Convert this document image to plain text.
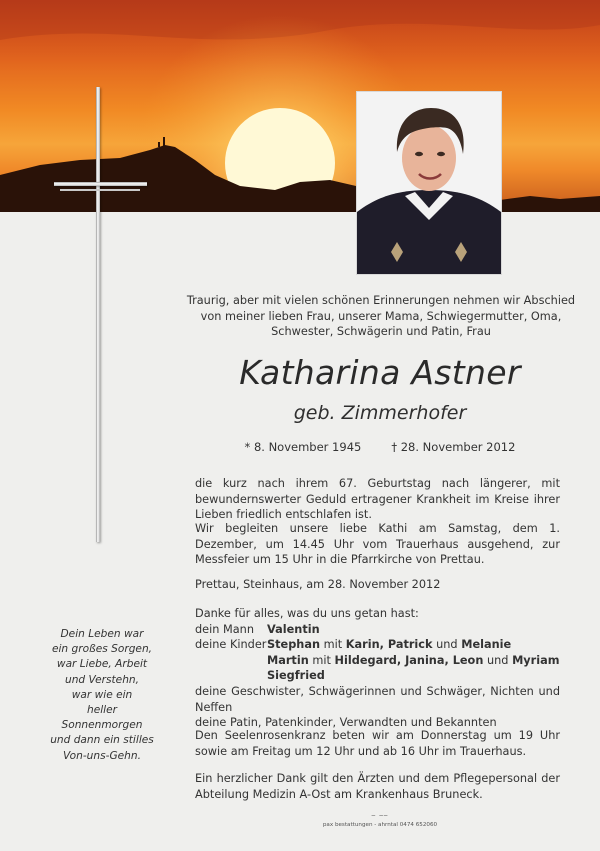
Traurig, aber mit vielen schönen Erinnerungen nehmen wir Abschied von meiner lieben Frau, unserer Mama, Schwiegermutter, Oma, Schwester, Schwägerin und Patin, Frau
Katharina Astner
geb. Zimmerhofer
* 8. November 1945	† 28. November 2012
die kurz nach ihrem 67. Geburtstag nach längerer, mit bewundernswerter Geduld ertragener Krankheit im Kreise ihrer Lieben friedlich entschlafen ist.
Wir begleiten unsere liebe Kathi am Samstag, dem 1. Dezember, um 14.45 Uhr vom Trauerhaus ausgehend, zur Messfeier um 15 Uhr in die Pfarrkirche von Prettau.
Prettau, Steinhaus, am 28. November 2012
Danke für alles, was du uns getan hast:
dein Mann	Valentin
deine Kinder Stephan mit Karin, Patrick und Melanie
Martin mit Hildegard, Janina, Leon und Myriam
Siegfried
deine Geschwister, Schwägerinnen und Schwäger, Nichten und Neffen
deine Patin, Patenkinder, Verwandten und Bekannten
Den Seelenrosenkranz beten wir am Donnerstag um 19 Uhr sowie am Freitag um 12 Uhr und ab 16 Uhr im Trauerhaus.
Ein herzlicher Dank gilt den Ärzten und dem Pflegepersonal der Abteilung Medizin A-Ost am Krankenhaus Bruneck.
Dein Leben war
ein großes Sorgen,
war Liebe, Arbeit
und Verstehn,
war wie ein
heller
Sonnenmorgen
und dann ein stilles
Von-uns-Gehn.
‾ ‾‾
pax bestattungen - ahrntal 0474 652060
